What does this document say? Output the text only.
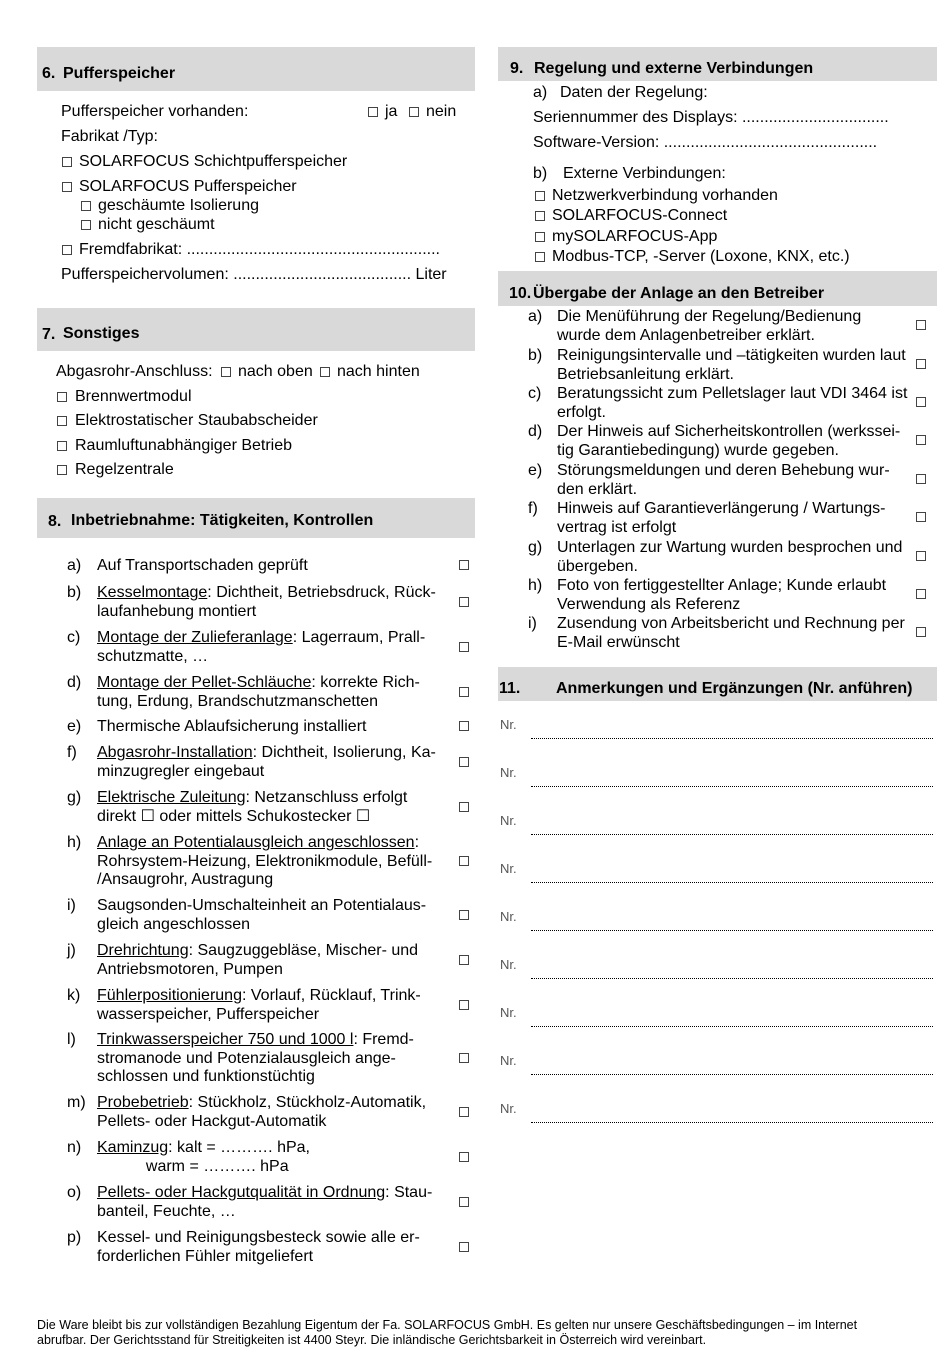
6. Pufferspeicher
Pufferspeicher vorhanden:	ja nein
Fabrikat /Typ:
SOLARFOCUS Schichtpufferspeicher
SOLARFOCUS Pufferspeicher
geschäumte Isolierung
nicht geschäumt
Fremdfabrikat: .........................................................
Pufferspeichervolumen: ........................................ Liter
7. Sonstiges
Abgasrohr-Anschluss: nach oben nach hinten
Brennwertmodul
Elektrostatischer Staubabscheider
Raumluftunabhängiger Betrieb
Regelzentrale
8. Inbetriebnahme: Tätigkeiten, Kontrollen
a) Auf Transportschaden geprüft
b) Kesselmontage: Dichtheit, Betriebsdruck, Rück-
laufanhebung montiert
c) Montage der Zulieferanlage: Lagerraum, Prall-
schutzmatte, …
d) Montage der Pellet-Schläuche: korrekte Rich-
tung, Erdung, Brandschutzmanschetten
e) Thermische Ablaufsicherung installiert
f) Abgasrohr-Installation: Dichtheit, Isolierung, Ka-
minzugregler eingebaut
g) Elektrische Zuleitung: Netzanschluss erfolgt
direkt ☐ oder mittels Schukostecker ☐
h) Anlage an Potentialausgleich angeschlossen:
Rohrsystem-Heizung, Elektronikmodule, Befüll-
/Ansaugrohr, Austragung
i) Saugsonden-Umschalteinheit an Potentialaus-
gleich angeschlossen
j) Drehrichtung: Saugzuggebläse, Mischer- und
Antriebsmotoren, Pumpen
k) Fühlerpositionierung: Vorlauf, Rücklauf, Trink-
wasserspeicher, Pufferspeicher
l) Trinkwasserspeicher 750 und 1000 l: Fremd-
stromanode und Potenzialausgleich ange-
schlossen und funktionstüchtig
m) Probebetrieb: Stückholz, Stückholz-Automatik,
Pellets- oder Hackgut-Automatik
n) Kaminzug: kalt = ………. hPa,
warm = ………. hPa
o) Pellets- oder Hackgutqualität in Ordnung: Stau-
banteil, Feuchte, …
p) Kessel- und Reinigungsbesteck sowie alle er-
forderlichen Fühler mitgeliefert
9. Regelung und externe Verbindungen
a) Daten der Regelung:
Seriennummer des Displays: .................................
Software-Version: ................................................
b) Externe Verbindungen:
Netzwerkverbindung vorhanden
SOLARFOCUS-Connect
mySOLARFOCUS-App
Modbus-TCP, -Server (Loxone, KNX, etc.)
10. Übergabe der Anlage an den Betreiber
a) Die Menüführung der Regelung/Bedienung
wurde dem Anlagenbetreiber erklärt.
b) Reinigungsintervalle und –tätigkeiten wurden laut
Betriebsanleitung erklärt.
c) Beratungssicht zum Pelletslager laut VDI 3464 ist
erfolgt.
d) Der Hinweis auf Sicherheitskontrollen (werkssei-
tig Garantiebedingung) wurde gegeben.
e) Störungsmeldungen und deren Behebung wur-
den erklärt.
f) Hinweis auf Garantieverlängerung / Wartungs-
vertrag ist erfolgt
g) Unterlagen zur Wartung wurden besprochen und
übergeben.
h) Foto von fertiggestellter Anlage; Kunde erlaubt
Verwendung als Referenz
i) Zusendung von Arbeitsbericht und Rechnung per
E-Mail erwünscht
11. Anmerkungen und Ergänzungen (Nr. anführen)
Nr.
Nr.
Nr.
Nr.
Nr.
Nr.
Nr.
Nr.
Nr.
Die Ware bleibt bis zur vollständigen Bezahlung Eigentum der Fa. SOLARFOCUS GmbH. Es gelten nur unsere Geschäftsbedingungen – im Internet
abrufbar. Der Gerichtsstand für Streitigkeiten ist 4400 Steyr. Die inländische Gerichtsbarkeit in Österreich wird vereinbart.
